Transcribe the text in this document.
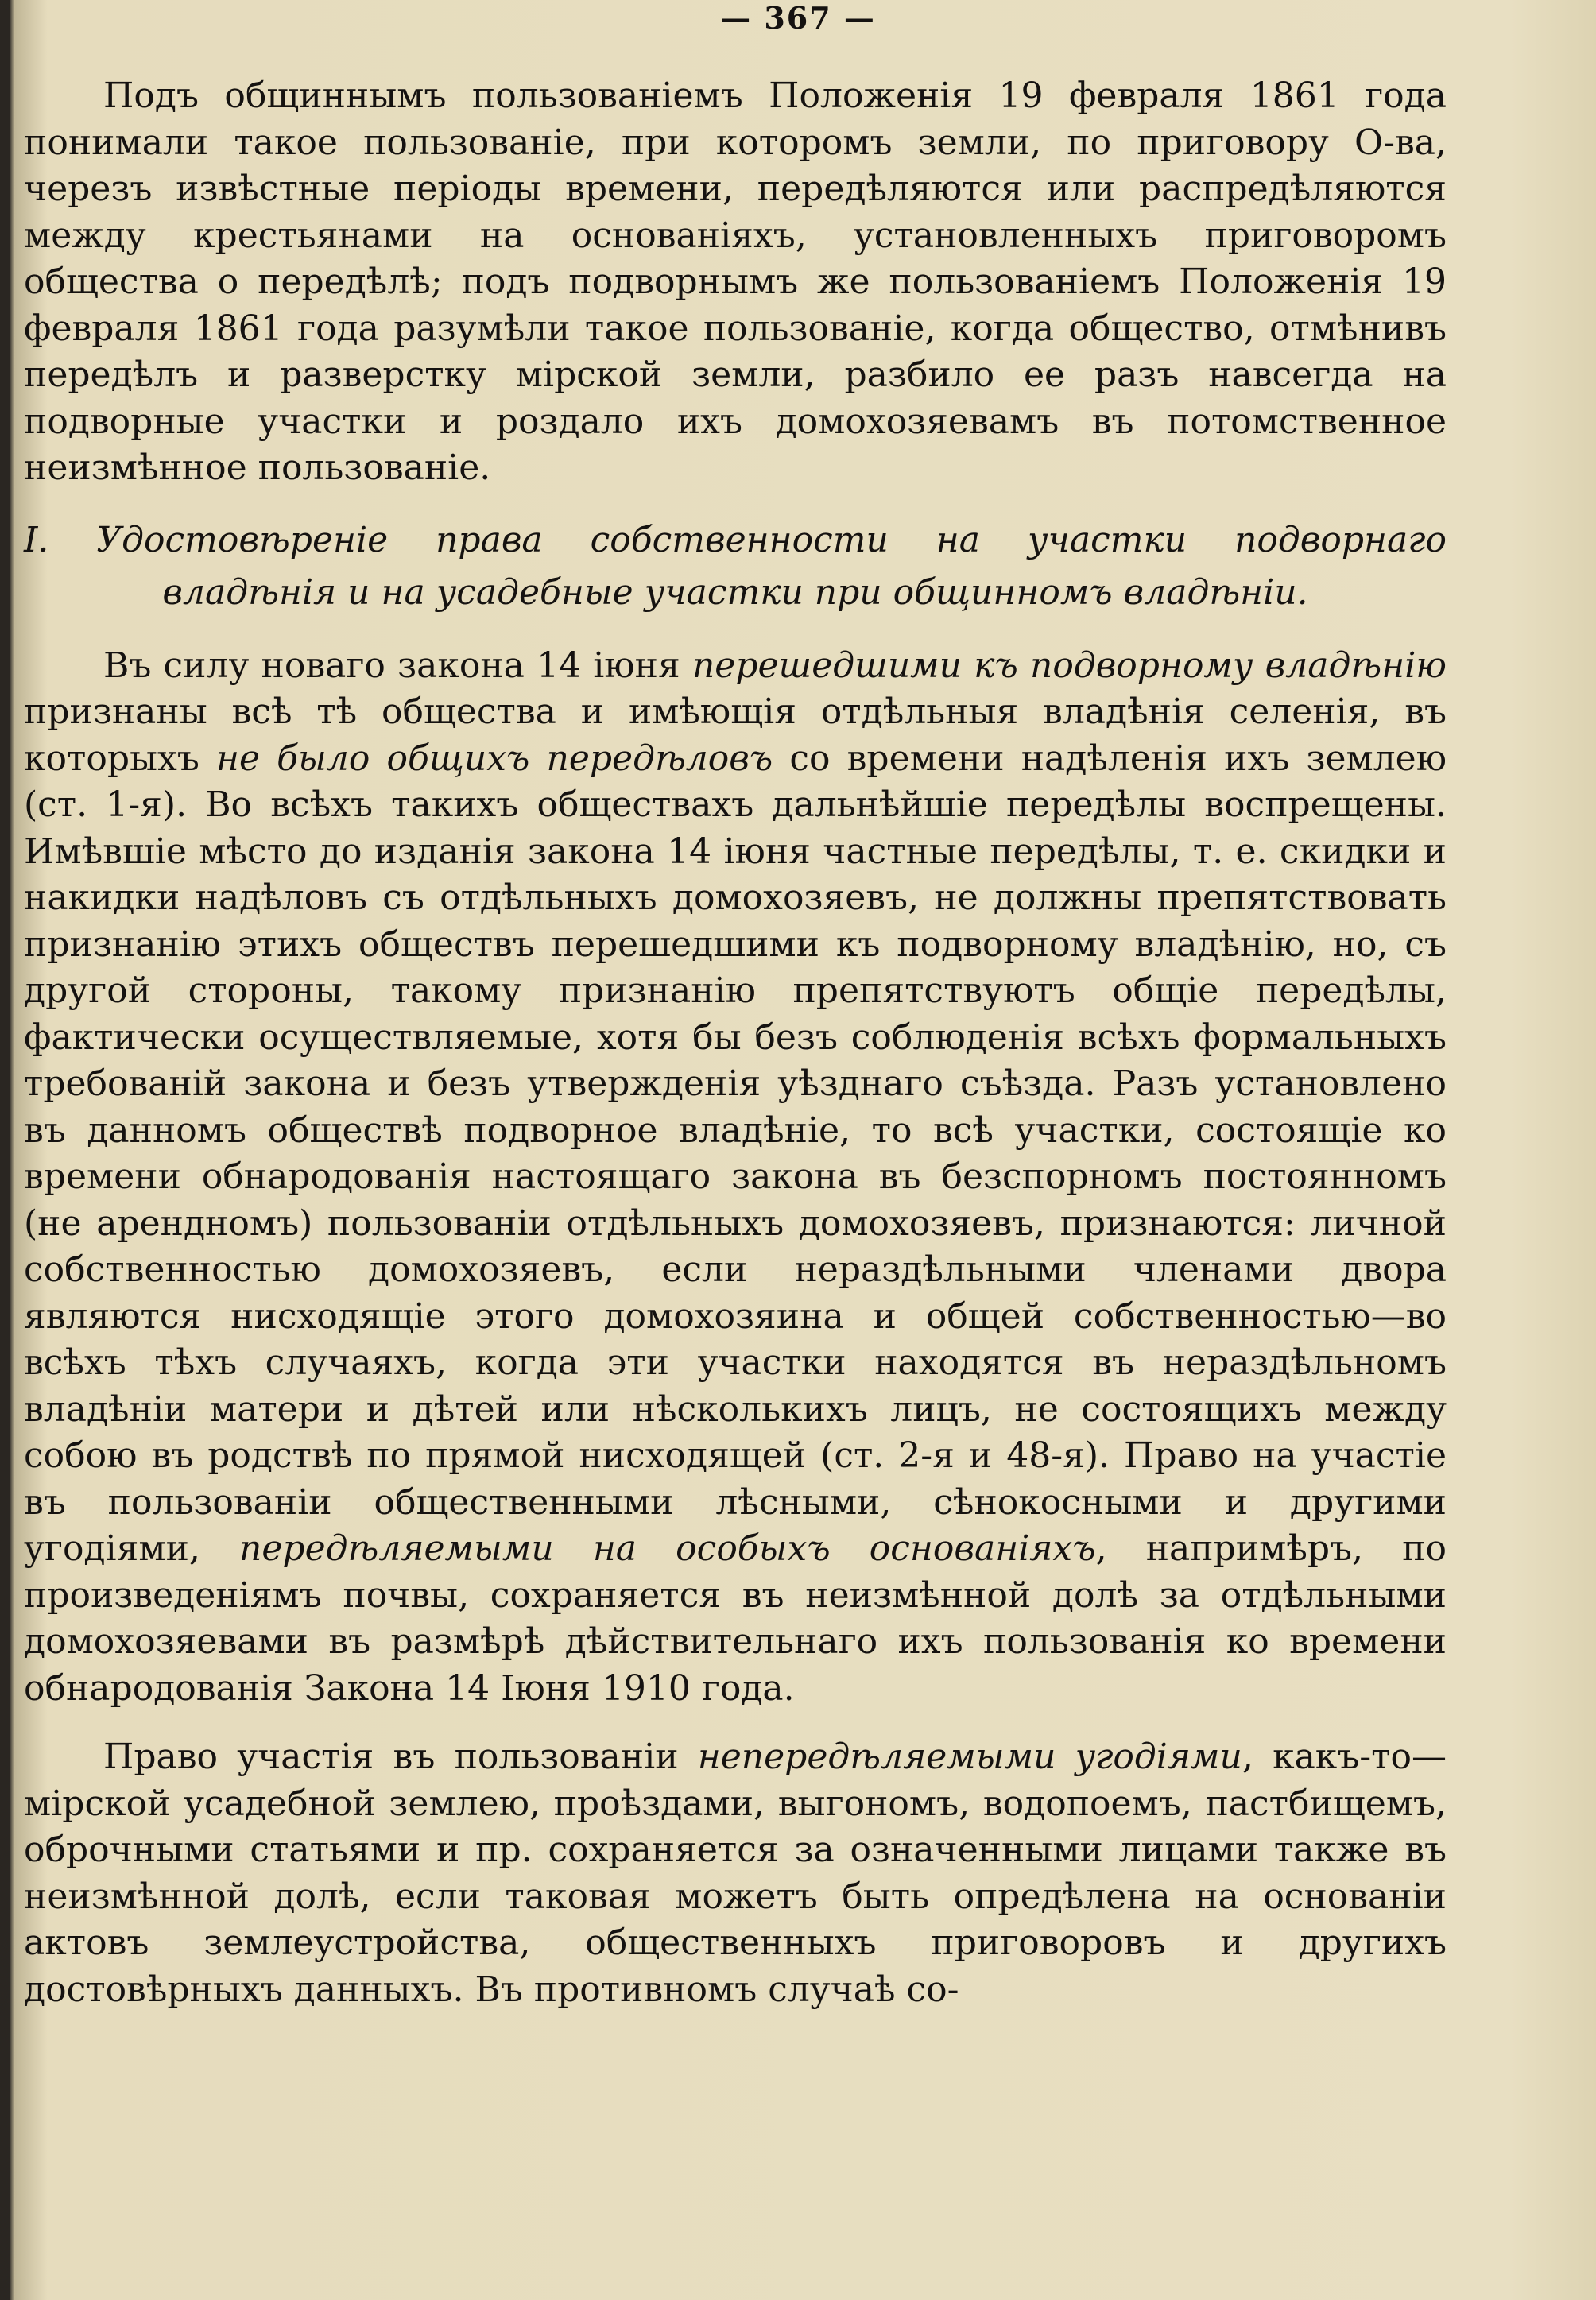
— 367 —

Подъ общиннымъ пользованіемъ Положенія 19 февраля 1861 года понимали такое пользованіе, при которомъ земли, по приговору О-ва, черезъ извѣстные періоды времени, передѣляются или распредѣляются между крестьянами на основаніяхъ, установленныхъ приговоромъ общества о передѣлѣ; подъ подворнымъ же пользованіемъ Положенія 19 февраля 1861 года разумѣли такое пользованіе, когда общество, отмѣнивъ передѣлъ и разверстку мірской земли, разбило ее разъ навсегда на подворные участки и роздало ихъ домохозяевамъ въ потомственное неизмѣнное пользованіе.

I. Удостовѣреніе права собственности на участки подворнаго
владѣнія и на усадебные участки при общинномъ владѣніи.

Въ силу новаго закона 14 іюня перешедшими къ подворному владѣнію признаны всѣ тѣ общества и имѣющія отдѣльныя владѣнія селенія, въ которыхъ не было общихъ передѣловъ со времени надѣленія ихъ землею (ст. 1-я). Во всѣхъ такихъ обществахъ дальнѣйшіе передѣлы воспрещены. Имѣвшіе мѣсто до изданія закона 14 іюня частные передѣлы, т. е. скидки и накидки надѣловъ съ отдѣльныхъ домохозяевъ, не должны препятствовать признанію этихъ обществъ перешедшими къ подворному владѣнію, но, съ другой стороны, такому признанію препятствуютъ общіе передѣлы, фактически осуществляемые, хотя бы безъ соблюденія всѣхъ формальныхъ требованій закона и безъ утвержденія уѣзднаго съѣзда. Разъ установлено въ данномъ обществѣ подворное владѣніе, то всѣ участки, состоящіе ко времени обнародованія настоящаго закона въ безспорномъ постоянномъ (не арендномъ) пользованіи отдѣльныхъ домохозяевъ, признаются: личной собственностью домохозяевъ, если нераздѣльными членами двора являются нисходящіе этого домохозяина и общей собственностью—во всѣхъ тѣхъ случаяхъ, когда эти участки находятся въ нераздѣльномъ владѣніи матери и дѣтей или нѣсколькихъ лицъ, не состоящихъ между собою въ родствѣ по прямой нисходящей (ст. 2-я и 48-я). Право на участіе въ пользованіи общественными лѣсными, сѣнокосными и другими угодіями, передѣляемыми на особыхъ основаніяхъ, напримѣръ, по произведеніямъ почвы, сохраняется въ неизмѣнной долѣ за отдѣльными домохозяевами въ размѣрѣ дѣйствительнаго ихъ пользованія ко времени обнародованія Закона 14 Іюня 1910 года.

Право участія въ пользованіи непередѣляемыми угодіями, какъ-то—мірской усадебной землею, проѣздами, выгономъ, водопоемъ, пастбищемъ, оброчными статьями и пр. сохраняется за означенными лицами также въ неизмѣнной долѣ, если таковая можетъ быть опредѣлена на основаніи актовъ землеустройства, общественныхъ приговоровъ и другихъ достовѣрныхъ данныхъ. Въ противномъ случаѣ со-
